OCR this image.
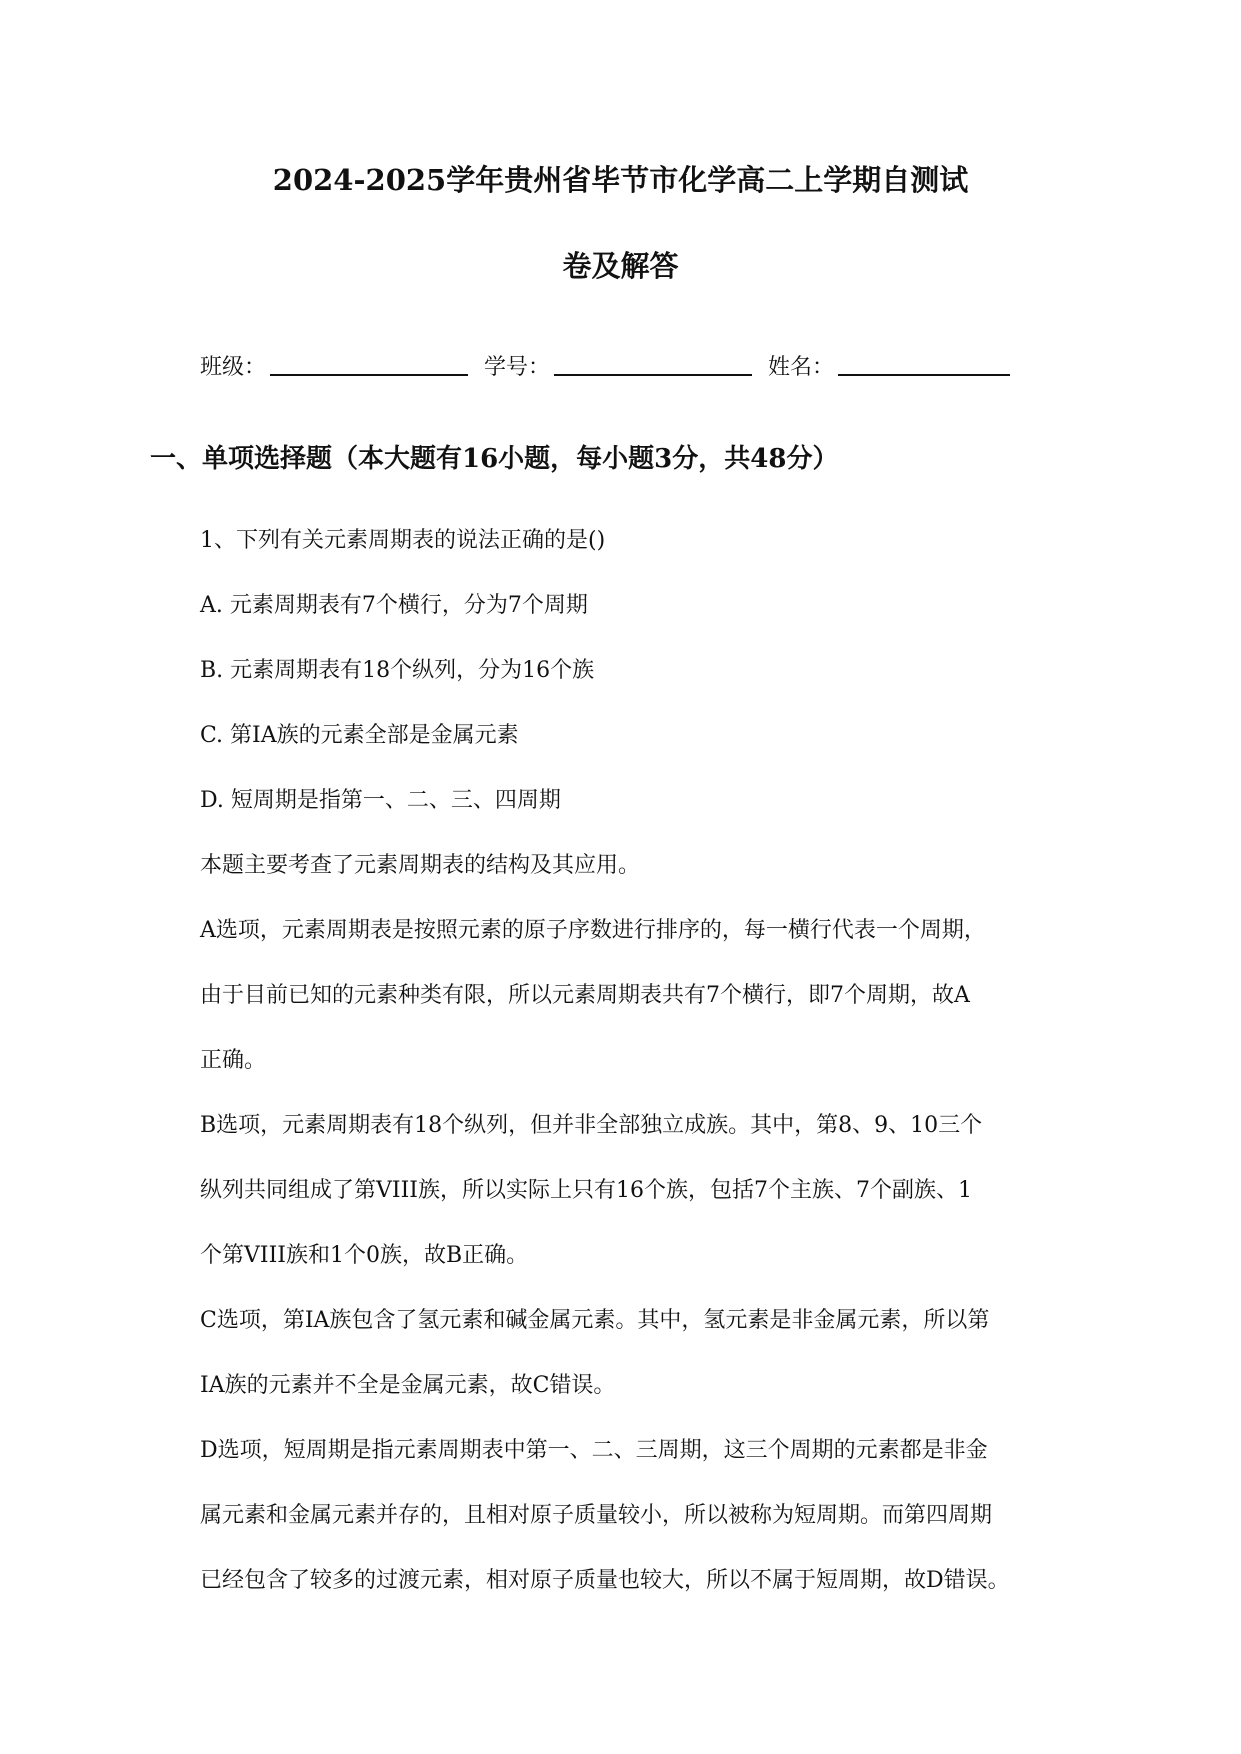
2024-2025学年贵州省毕节市化学高二上学期自测试
卷及解答
班级：	学号：	姓名：
一、单项选择题（本大题有16小题，每小题3分，共48分）
1、下列有关元素周期表的说法正确的是()
A. 元素周期表有7个横行，分为7个周期
B. 元素周期表有18个纵列，分为16个族
C. 第IA族的元素全部是金属元素
D. 短周期是指第一、二、三、四周期
本题主要考查了元素周期表的结构及其应用。
A选项，元素周期表是按照元素的原子序数进行排序的，每一横行代表一个周期，
由于目前已知的元素种类有限，所以元素周期表共有7个横行，即7个周期，故A
正确。
B选项，元素周期表有18个纵列，但并非全部独立成族。其中，第8、9、10三个
纵列共同组成了第VIII族，所以实际上只有16个族，包括7个主族、7个副族、1
个第VIII族和1个0族，故B正确。
C选项，第IA族包含了氢元素和碱金属元素。其中，氢元素是非金属元素，所以第
IA族的元素并不全是金属元素，故C错误。
D选项，短周期是指元素周期表中第一、二、三周期，这三个周期的元素都是非金
属元素和金属元素并存的，且相对原子质量较小，所以被称为短周期。而第四周期
已经包含了较多的过渡元素，相对原子质量也较大，所以不属于短周期，故D错误。
